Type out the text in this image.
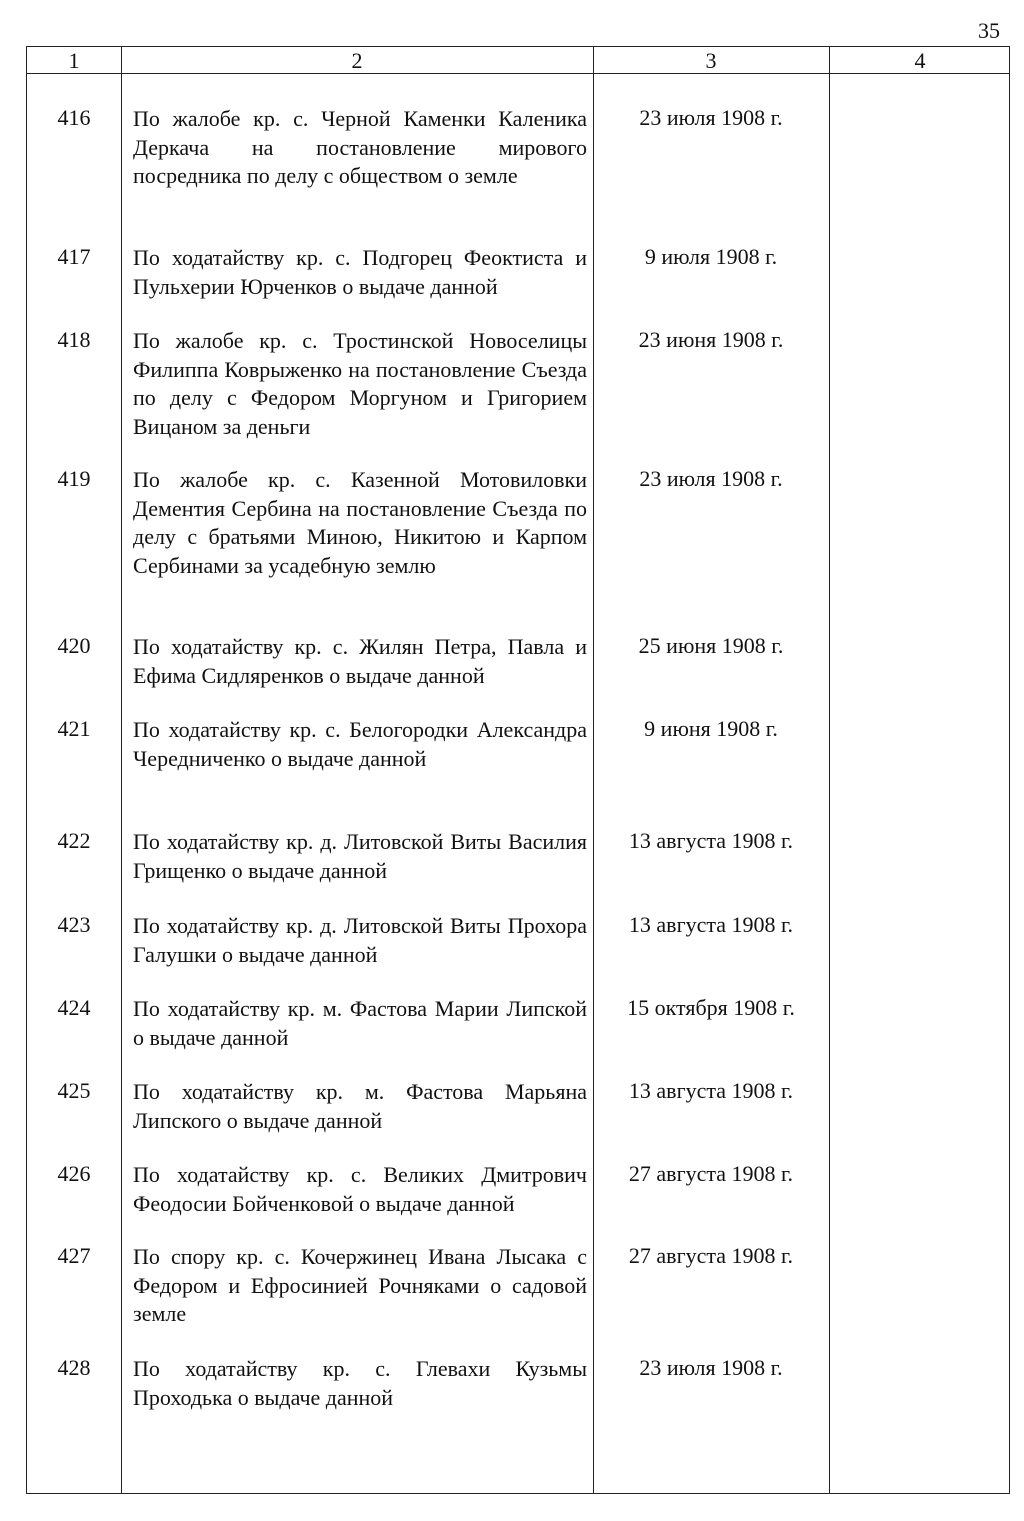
35
1	2	3	4
416	По жалобе кр. с. Черной Каменки Каленика Деркача на постановление мирового посредника по делу с обществом о земле
23 июля 1908 г.
417	По ходатайству кр. с. Подгорец Феоктиста и Пульхерии Юрченков о выдаче данной
9 июля 1908 г.
418	По жалобе кр. с. Тростинской Новоселицы Филиппа Коврыженко на постановление Съезда по делу с Федором Моргуном и Григорием Вицаном за деньги
23 июня 1908 г.
419	По жалобе кр. с. Казенной Мотовиловки Дементия Сербина на постановление Съезда по делу с братьями Миною, Никитою и Карпом Сербинами за усадебную землю
23 июля 1908 г.
420	По ходатайству кр. с. Жилян Петра, Павла и Ефима Сидляренков о выдаче данной
25 июня 1908 г.
421	По ходатайству кр. с. Белогородки Александра Чередниченко о выдаче данной
9 июня 1908 г.
422	По ходатайству кр. д. Литовской Виты Василия Грищенко о выдаче данной
13 августа 1908 г.
423	По ходатайству кр. д. Литовской Виты Прохора Галушки о выдаче данной
13 августа 1908 г.
424	По ходатайству кр. м. Фастова Марии Липской о выдаче данной
15 октября 1908 г.
425	По ходатайству кр. м. Фастова Марьяна Липского о выдаче данной
13 августа 1908 г.
426	По ходатайству кр. с. Великих Дмитрович Феодосии Бойченковой о выдаче данной
27 августа 1908 г.
427	По спору кр. с. Кочержинец Ивана Лысака с Федором и Ефросинией Рочняками о садовой земле
27 августа 1908 г.
428	По ходатайству кр. с. Глевахи Кузьмы Проходька о выдаче данной
23 июля 1908 г.
